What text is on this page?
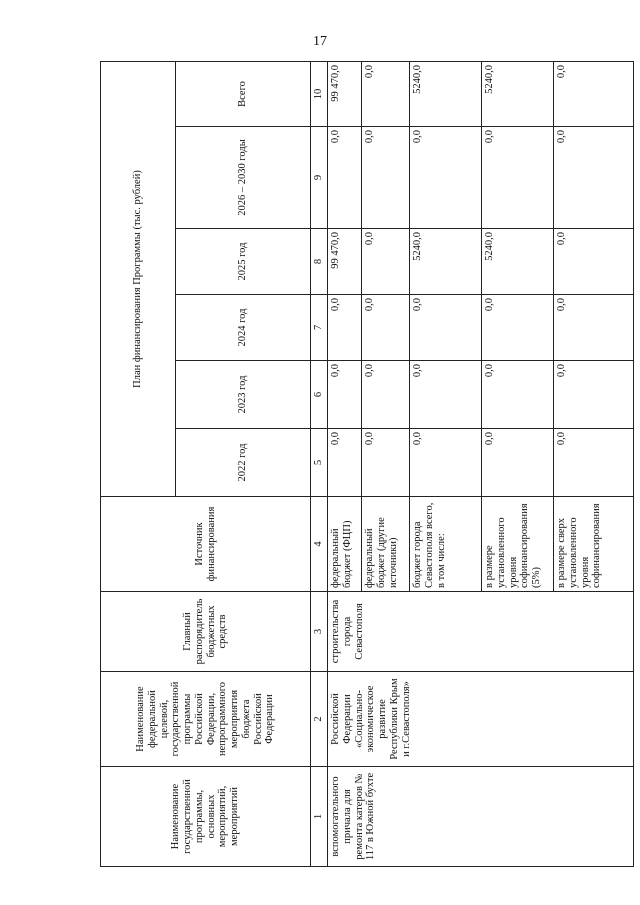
17
Наименование государственной программы, основных мероприятий, мероприятий	Наименование федеральной целевой, государственной программы Российской Федерации, непрограммного мероприятия бюджета Российской Федерации	Главный распорядитель бюджетных средств	Источник финансирования	План финансирования Программы (тыс. рублей)					
				2022 год	2023 год	2024 год	2025 год	2026 – 2030 годы	Всего
1	2	3	4	5	6	7	8	9	10
вспомогательного причала для ремонта катеров № 117 в Южной бухте	Российской Федерации «Социально-экономическое развитие Республики Крым и г.Севастополя»	строительства города Севастополя	федеральный бюджет (ФЦП)	0,0	0,0	0,0	99 470,0	0,0	99 470,0
			федеральный бюджет (другие источники)	0,0	0,0	0,0	0,0	0,0	0,0
			бюджет города Севастополя всего, в том числе:	0,0	0,0	0,0	5240,0	0,0	5240,0
			в размере установленного уровня софинансирования (5%)	0,0	0,0	0,0	5240,0	0,0	5240,0
			в размере сверх установленного уровня софинансирования	0,0	0,0	0,0	0,0	0,0	0,0
